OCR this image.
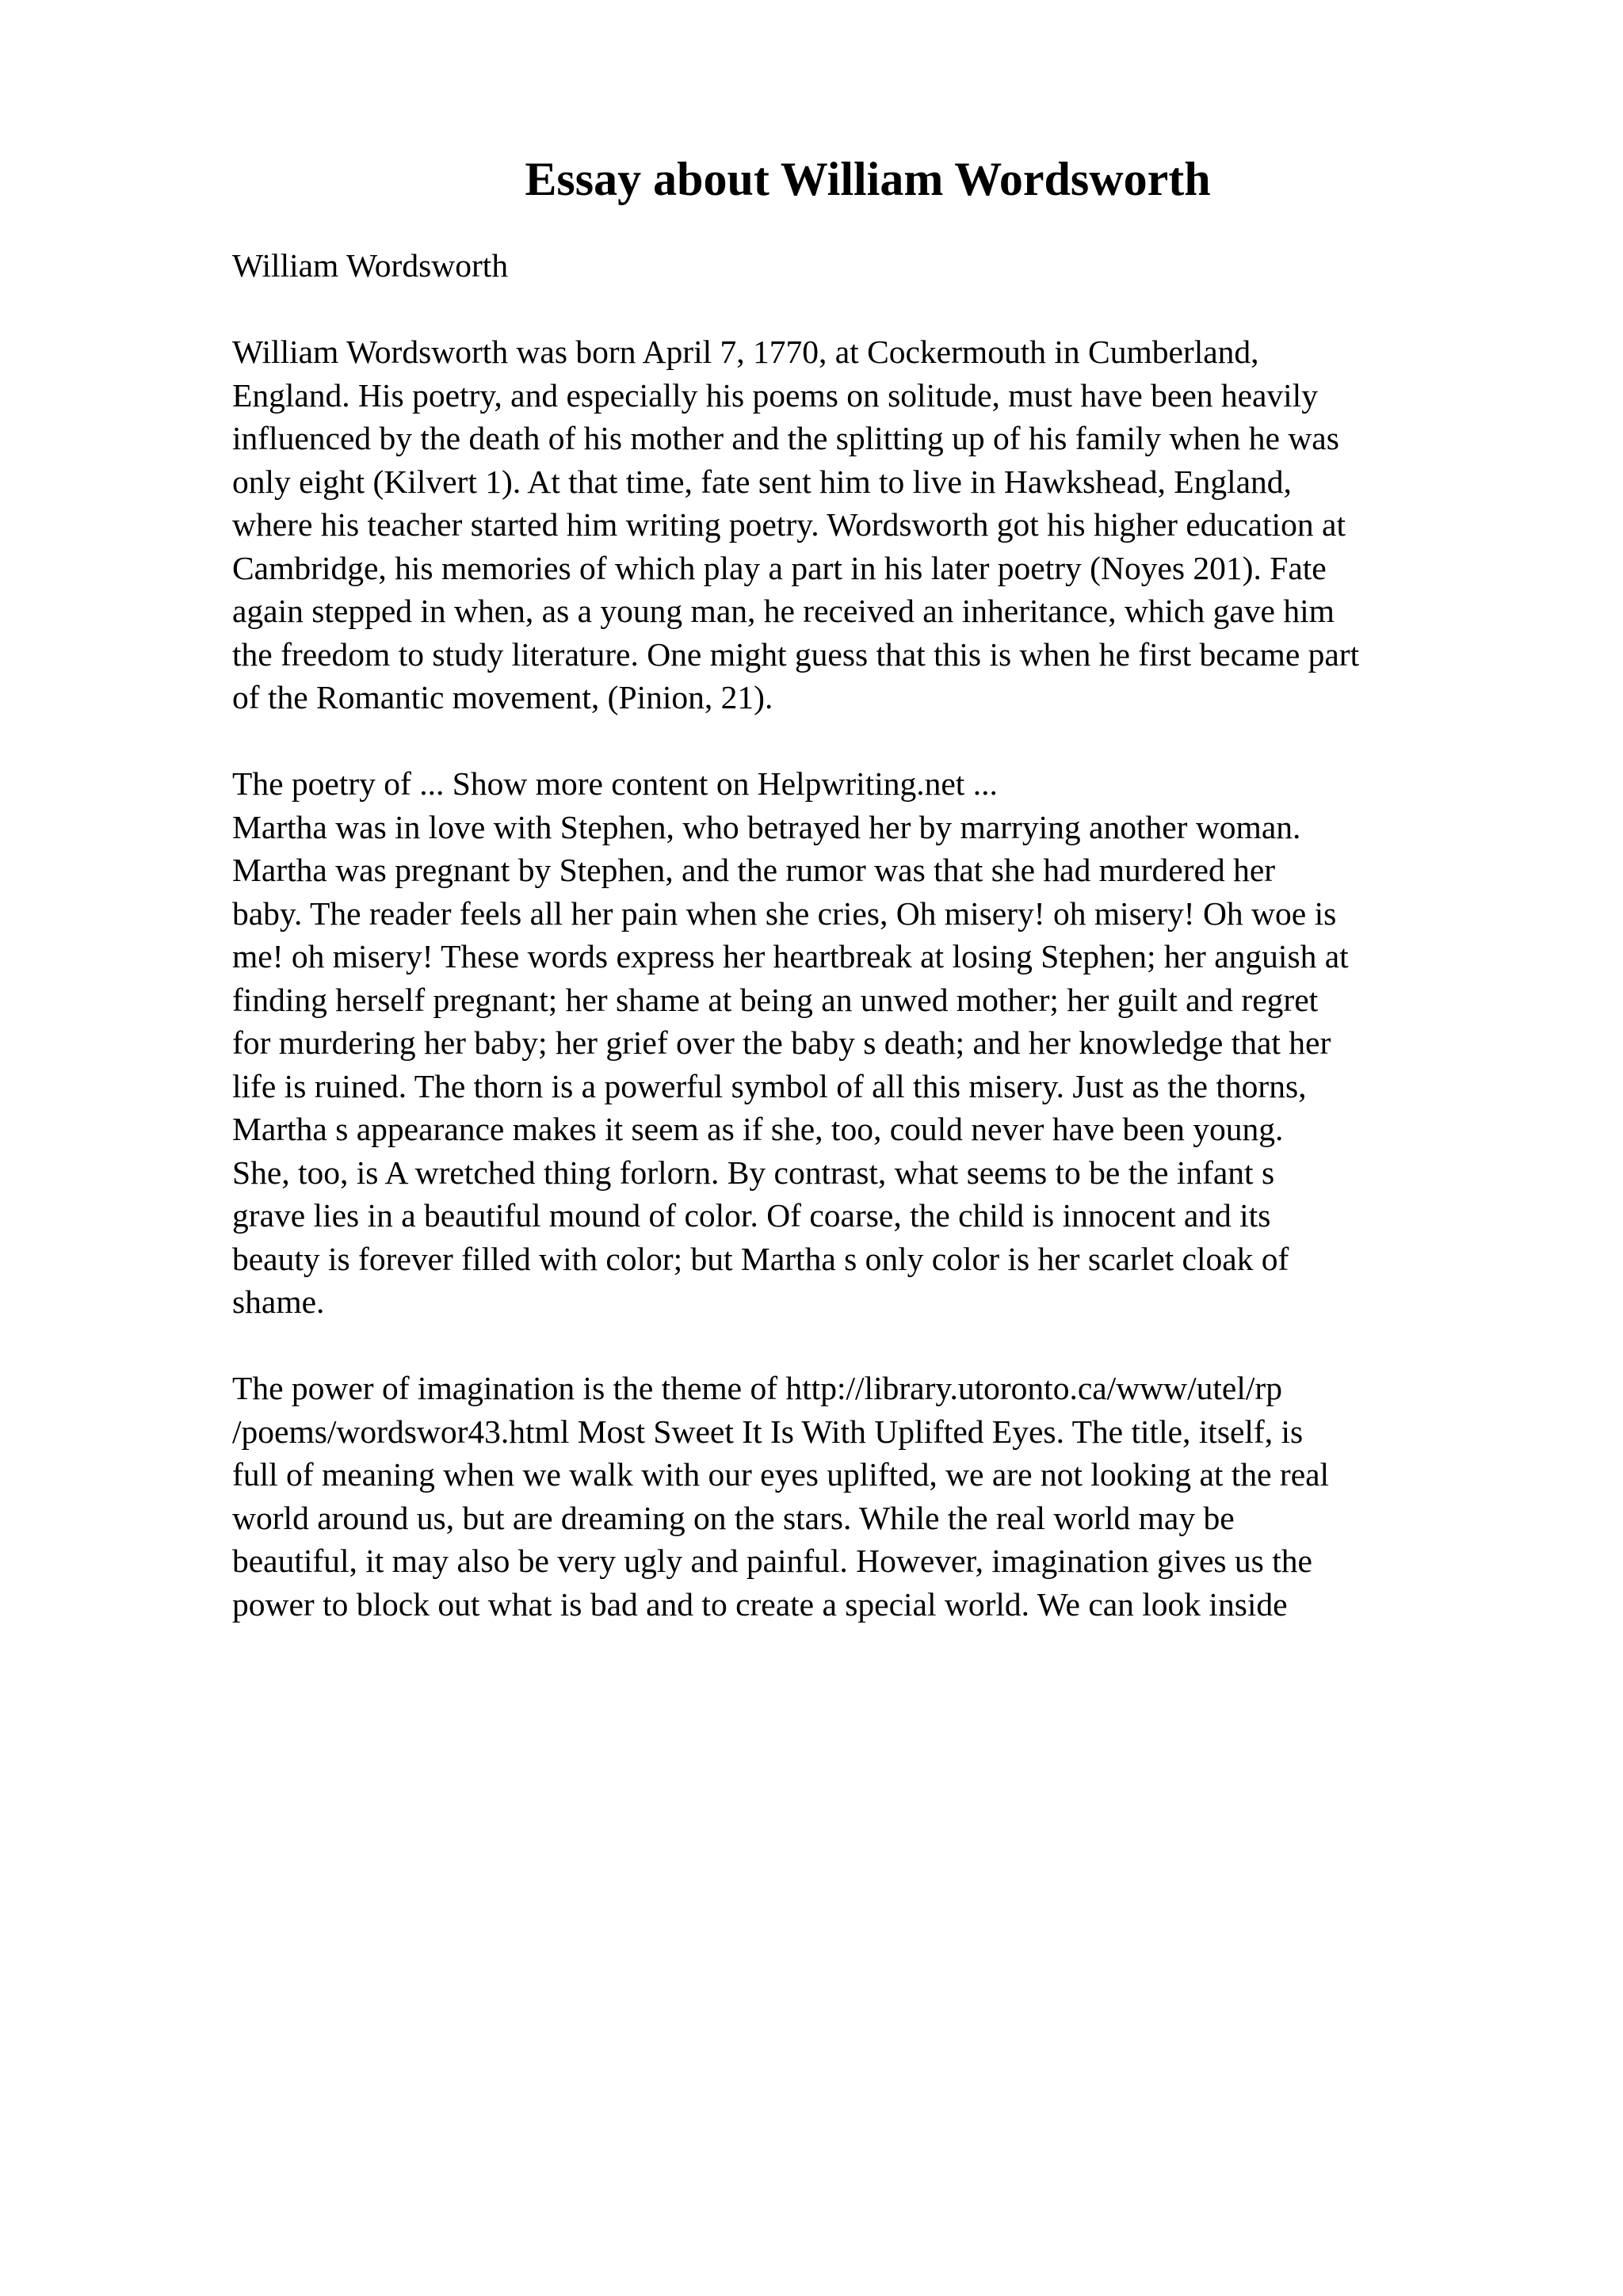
Essay about William Wordsworth
William Wordsworth

William Wordsworth was born April 7, 1770, at Cockermouth in Cumberland,
England. His poetry, and especially his poems on solitude, must have been heavily
influenced by the death of his mother and the splitting up of his family when he was
only eight (Kilvert 1). At that time, fate sent him to live in Hawkshead, England,
where his teacher started him writing poetry. Wordsworth got his higher education at
Cambridge, his memories of which play a part in his later poetry (Noyes 201). Fate
again stepped in when, as a young man, he received an inheritance, which gave him
the freedom to study literature. One might guess that this is when he first became part
of the Romantic movement, (Pinion, 21).

The poetry of ... Show more content on Helpwriting.net ...
Martha was in love with Stephen, who betrayed her by marrying another woman.
Martha was pregnant by Stephen, and the rumor was that she had murdered her
baby. The reader feels all her pain when she cries, Oh misery! oh misery! Oh woe is
me! oh misery! These words express her heartbreak at losing Stephen; her anguish at
finding herself pregnant; her shame at being an unwed mother; her guilt and regret
for murdering her baby; her grief over the baby s death; and her knowledge that her
life is ruined. The thorn is a powerful symbol of all this misery. Just as the thorns,
Martha s appearance makes it seem as if she, too, could never have been young.
She, too, is A wretched thing forlorn. By contrast, what seems to be the infant s
grave lies in a beautiful mound of color. Of coarse, the child is innocent and its
beauty is forever filled with color; but Martha s only color is her scarlet cloak of
shame.

The power of imagination is the theme of http://library.utoronto.ca/www/utel/rp
/poems/wordswor43.html Most Sweet It Is With Uplifted Eyes. The title, itself, is
full of meaning when we walk with our eyes uplifted, we are not looking at the real
world around us, but are dreaming on the stars. While the real world may be
beautiful, it may also be very ugly and painful. However, imagination gives us the
power to block out what is bad and to create a special world. We can look inside
